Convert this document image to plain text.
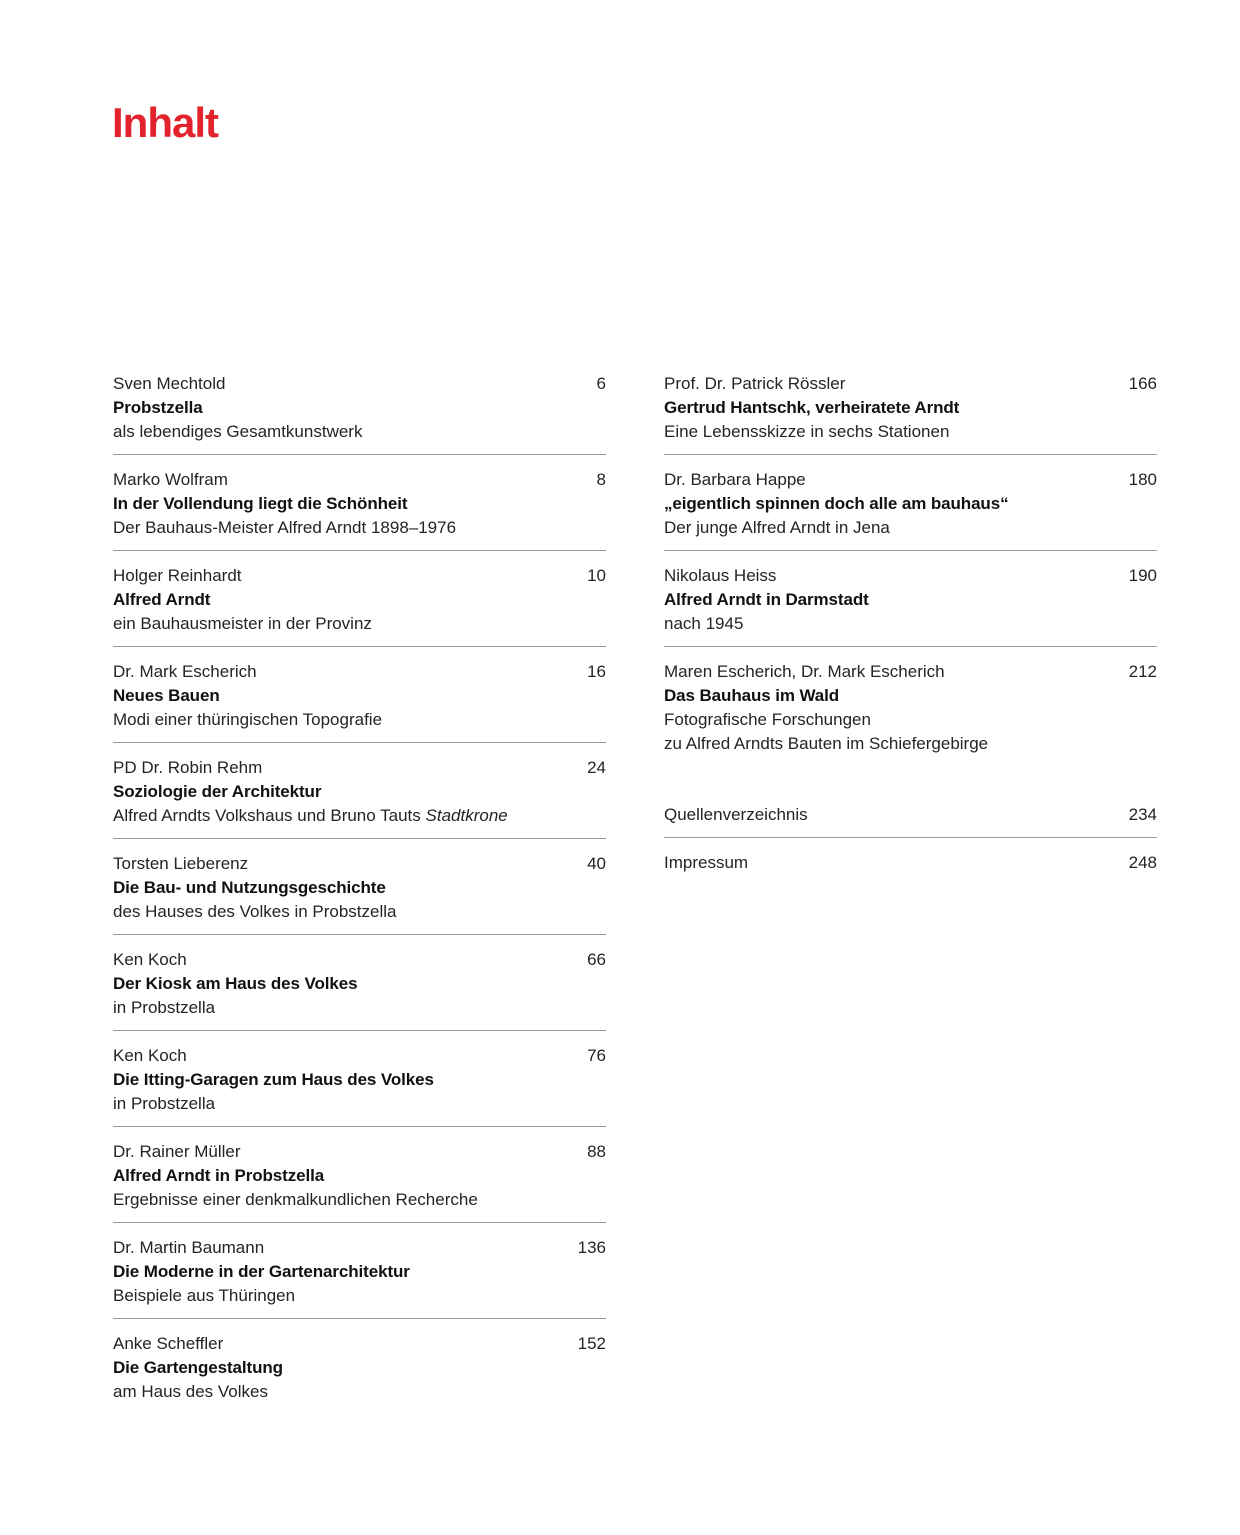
Inhalt
Sven Mechtold	6
Probstzella
als lebendiges Gesamtkunstwerk
Marko Wolfram	8
In der Vollendung liegt die Schönheit
Der Bauhaus-Meister Alfred Arndt 1898–1976
Holger Reinhardt	10
Alfred Arndt
ein Bauhausmeister in der Provinz
Dr. Mark Escherich	16
Neues Bauen
Modi einer thüringischen Topografie
PD Dr. Robin Rehm	24
Soziologie der Architektur
Alfred Arndts Volkshaus und Bruno Tauts Stadtkrone
Torsten Lieberenz	40
Die Bau- und Nutzungsgeschichte
des Hauses des Volkes in Probstzella
Ken Koch	66
Der Kiosk am Haus des Volkes
in Probstzella
Ken Koch	76
Die Itting-Garagen zum Haus des Volkes
in Probstzella
Dr. Rainer Müller	88
Alfred Arndt in Probstzella
Ergebnisse einer denkmalkundlichen Recherche
Dr. Martin Baumann	136
Die Moderne in der Gartenarchitektur
Beispiele aus Thüringen
Anke Scheffler	152
Die Gartengestaltung
am Haus des Volkes
Prof. Dr. Patrick Rössler	166
Gertrud Hantschk, verheiratete Arndt
Eine Lebensskizze in sechs Stationen
Dr. Barbara Happe	180
„eigentlich spinnen doch alle am bauhaus“
Der junge Alfred Arndt in Jena
Nikolaus Heiss	190
Alfred Arndt in Darmstadt
nach 1945
Maren Escherich, Dr. Mark Escherich	212
Das Bauhaus im Wald
Fotografische Forschungen
zu Alfred Arndts Bauten im Schiefergebirge
Quellenverzeichnis	234
Impressum	248
